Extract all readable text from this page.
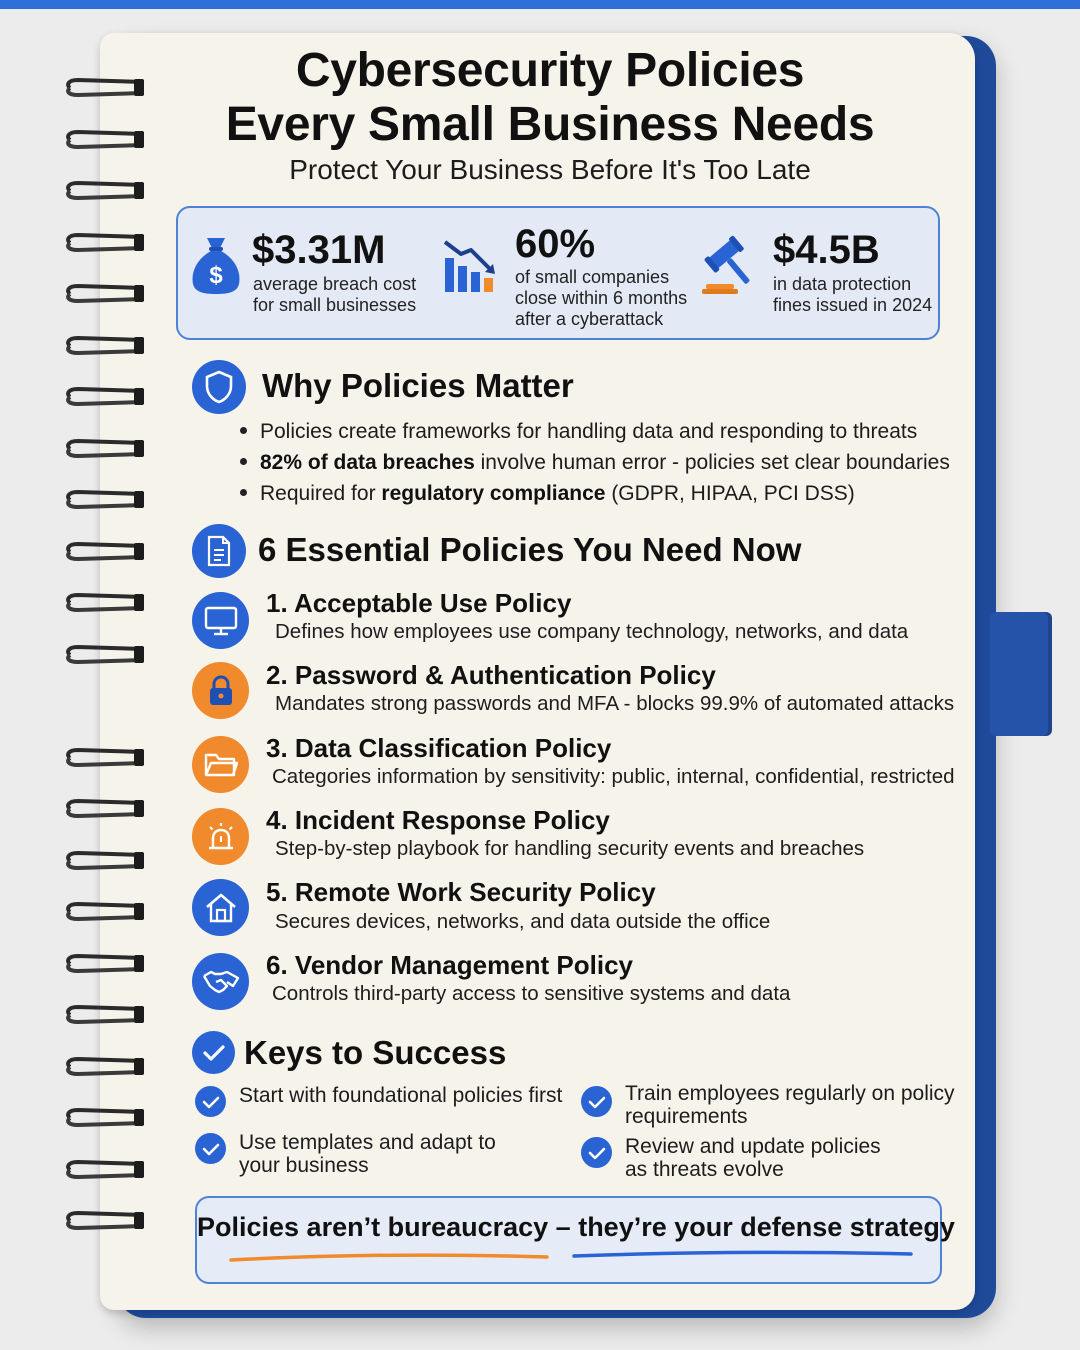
Cybersecurity Policies
Every Small Business Needs
Protect Your Business Before It's Too Late
$
$3.31M
average breach cost
for small businesses
60%
of small companies
close within 6 months
after a cyberattack
$4.5B
in data protection
fines issued in 2024
Why Policies Matter
Policies create frameworks for handling data and responding to threats
82% of data breaches involve human error - policies set clear boundaries
Required for regulatory compliance (GDPR, HIPAA, PCI DSS)
6 Essential Policies You Need Now
1. Acceptable Use Policy
Defines how employees use company technology, networks, and data
2. Password & Authentication Policy
Mandates strong passwords and MFA - blocks 99.9% of automated attacks
3. Data Classification Policy
Categories information by sensitivity: public, internal, confidential, restricted
4. Incident Response Policy
Step-by-step playbook for handling security events and breaches
5. Remote Work Security Policy
Secures devices, networks, and data outside the office
6. Vendor Management Policy
Controls third-party access to sensitive systems and data
Keys to Success
Start with foundational policies first	Train employees regularly on policy
requirements
Use templates and adapt to
your business
Review and update policies
as threats evolve
Policies aren’t bureaucracy – they’re your defense strategy
